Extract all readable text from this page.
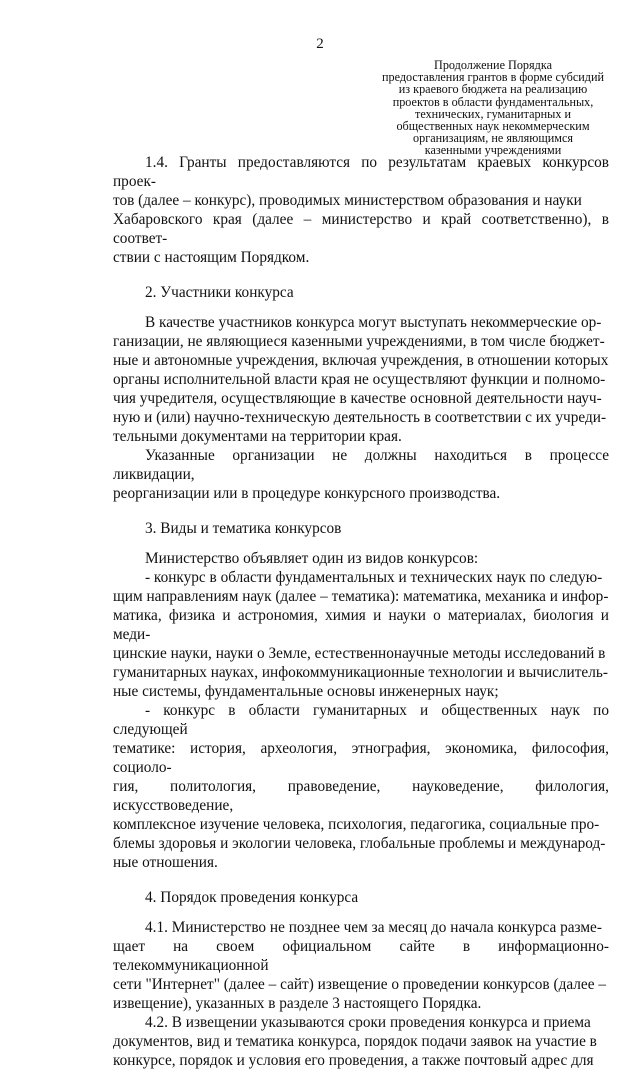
2
Продолжение Порядка
предоставления грантов в форме субсидий
из краевого бюджета на реализацию
проектов в области фундаментальных,
технических, гуманитарных и
общественных наук некоммерческим
организациям, не являющимся
казенными учреждениями

1.4. Гранты предоставляются по результатам краевых конкурсов проек-
тов (далее – конкурс), проводимых министерством образования и науки
Хабаровского края (далее – министерство и край соответственно), в соответ-
ствии с настоящим Порядком.

2. Участники конкурса

В качестве участников конкурса могут выступать некоммерческие ор-
ганизации, не являющиеся казенными учреждениями, в том числе бюджет-
ные и автономные учреждения, включая учреждения, в отношении которых
органы исполнительной власти края не осуществляют функции и полномо-
чия учредителя, осуществляющие в качестве основной деятельности науч-
ную и (или) научно-техническую деятельность в соответствии с их учреди-
тельными документами на территории края.

Указанные организации не должны находиться в процессе ликвидации,
реорганизации или в процедуре конкурсного производства.

3. Виды и тематика конкурсов

Министерство объявляет один из видов конкурсов:

- конкурс в области фундаментальных и технических наук по следую-
щим направлениям наук (далее – тематика): математика, механика и инфор-
матика, физика и астрономия, химия и науки о материалах, биология и меди-
цинские науки, науки о Земле, естественнонаучные методы исследований в
гуманитарных науках, инфокоммуникационные технологии и вычислитель-
ные системы, фундаментальные основы инженерных наук;

- конкурс в области гуманитарных и общественных наук по следующей
тематике: история, археология, этнография, экономика, философия, социоло-
гия, политология, правоведение, науковедение, филология, искусствоведение,
комплексное изучение человека, психология, педагогика, социальные про-
блемы здоровья и экологии человека, глобальные проблемы и международ-
ные отношения.

4. Порядок проведения конкурса

4.1. Министерство не позднее чем за месяц до начала конкурса разме-
щает на своем официальном сайте в информационно-телекоммуникационной
сети "Интернет" (далее – сайт) извещение о проведении конкурсов (далее –
извещение), указанных в разделе 3 настоящего Порядка.

4.2. В извещении указываются сроки проведения конкурса и приема
документов, вид и тематика конкурса, порядок подачи заявок на участие в
конкурсе, порядок и условия его проведения, а также почтовый адрес для
